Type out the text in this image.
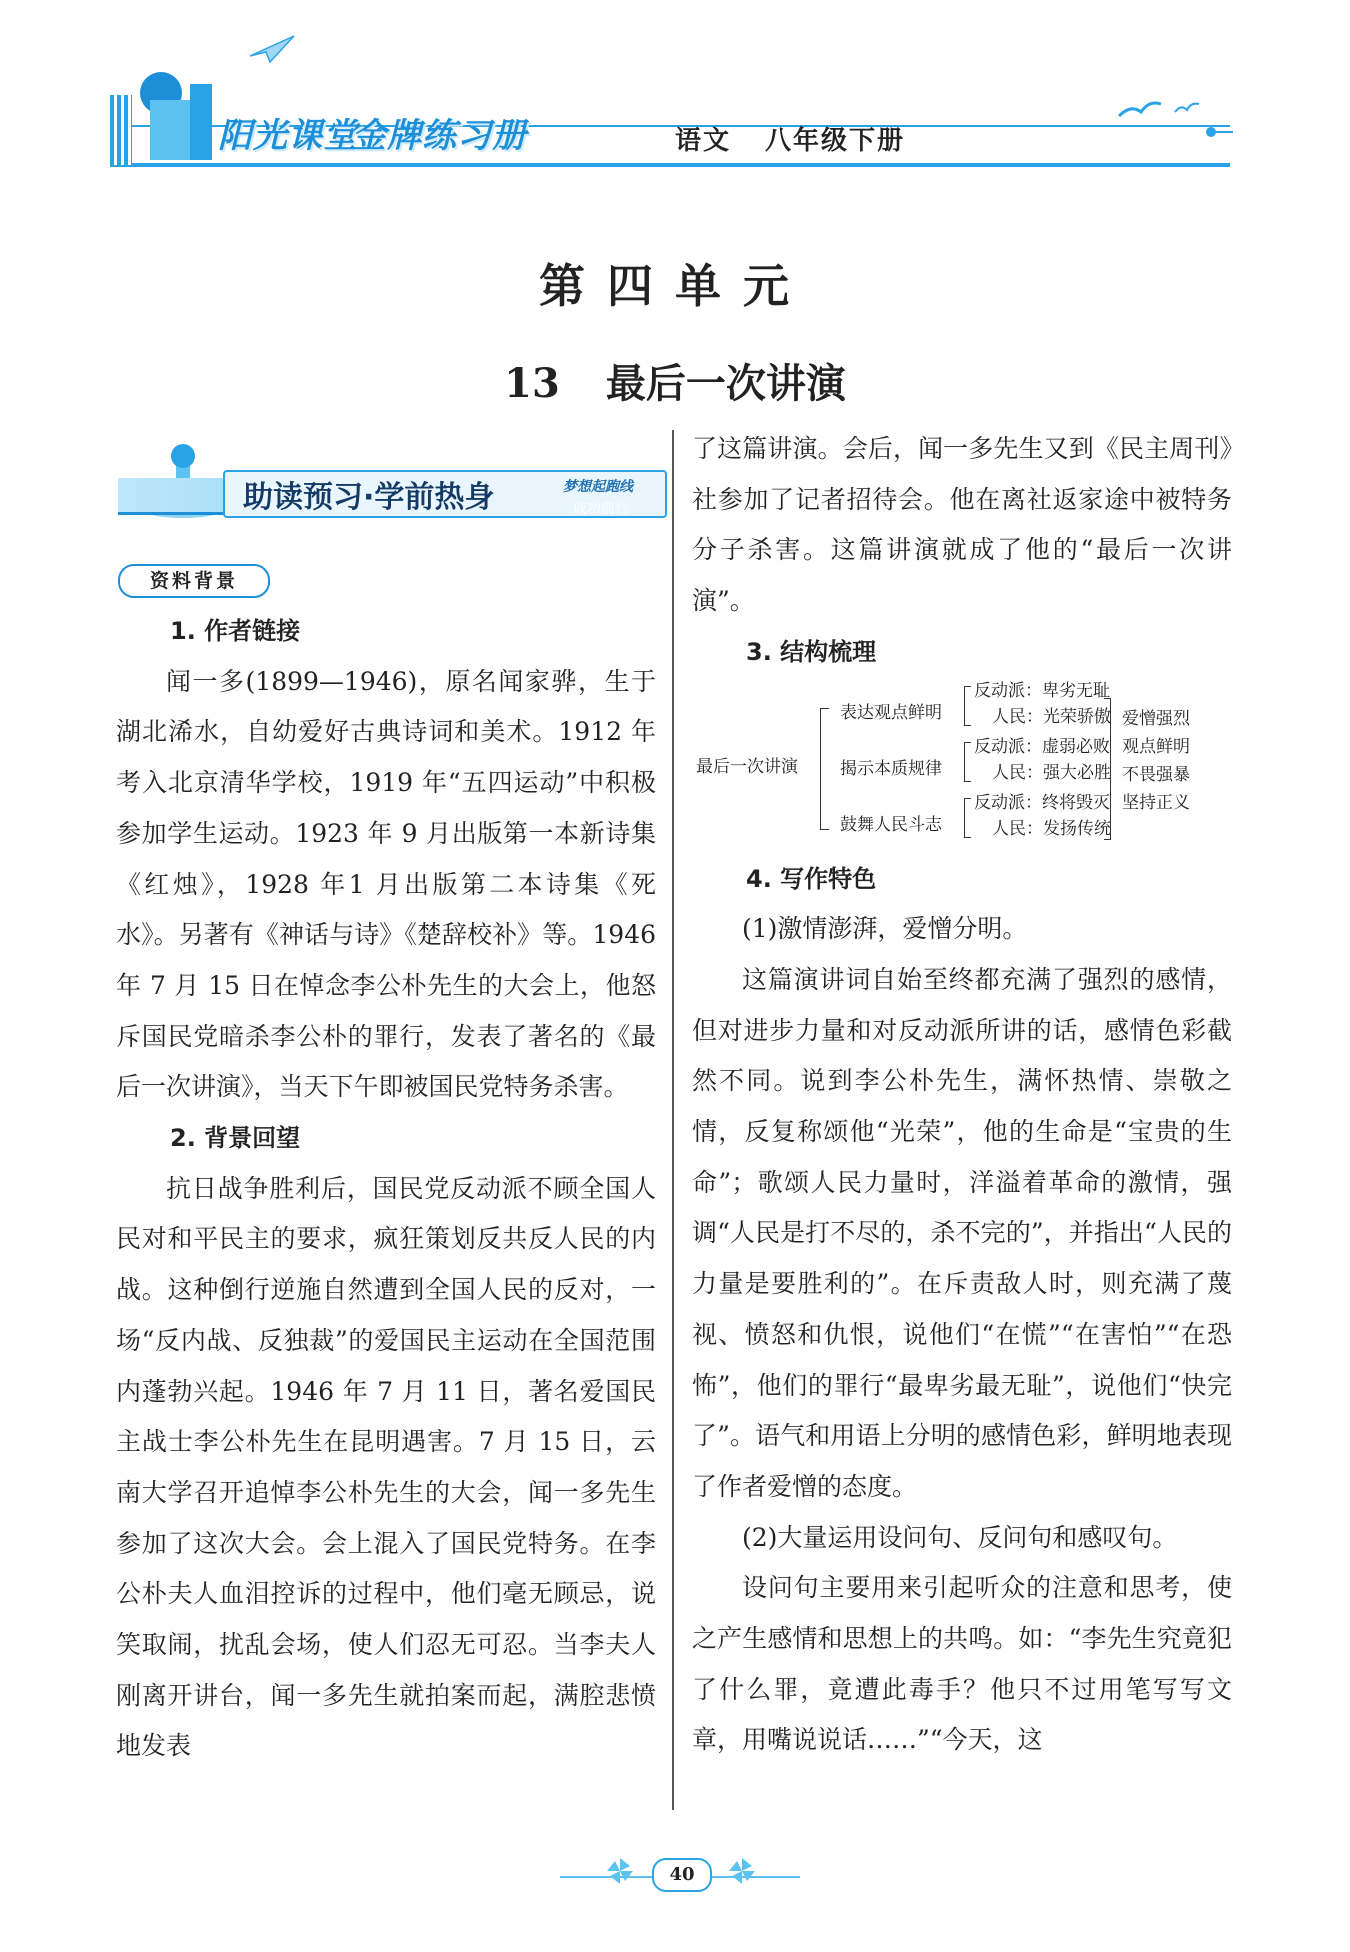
阳光课堂
金牌练习册	语文 八年级下册
第四单元
13 最后一次讲演
助读预习·学前热身	梦想起跑线
成功前行
资料背景

1. 作者链接

闻一多(1899—1946)，原名闻家骅，生于湖北浠水，自幼爱好古典诗词和美术。1912 年考入北京清华学校，1919 年“五四运动”中积极参加学生运动。1923 年 9 月出版第一本新诗集《红烛》，1928 年1 月出版第二本诗集《死水》。另著有《神话与诗》《楚辞校补》等。1946 年 7 月 15 日在悼念李公朴先生的大会上，他怒斥国民党暗杀李公朴的罪行，发表了著名的《最后一次讲演》，当天下午即被国民党特务杀害。

2. 背景回望

抗日战争胜利后，国民党反动派不顾全国人民对和平民主的要求，疯狂策划反共反人民的内战。这种倒行逆施自然遭到全国人民的反对，一场“反内战、反独裁”的爱国民主运动在全国范围内蓬勃兴起。1946 年 7 月 11 日，著名爱国民主战士李公朴先生在昆明遇害。7 月 15 日，云南大学召开追悼李公朴先生的大会，闻一多先生参加了这次大会。会上混入了国民党特务。在李公朴夫人血泪控诉的过程中，他们毫无顾忌，说笑取闹，扰乱会场，使人们忍无可忍。当李夫人刚离开讲台，闻一多先生就拍案而起，满腔悲愤地发表

了这篇讲演。会后，闻一多先生又到《民主周刊》社参加了记者招待会。他在离社返家途中被特务分子杀害。这篇讲演就成了他的“最后一次讲演”。

3. 结构梳理

最后一次讲演
表达观点鲜明
揭示本质规律
鼓舞人民斗志
反动派：卑劣无耻
人民：光荣骄傲
反动派：虚弱必败
人民：强大必胜
反动派：终将毁灭
人民：发扬传统
爱憎强烈
观点鲜明
不畏强暴
坚持正义

4. 写作特色

(1)激情澎湃，爱憎分明。

这篇演讲词自始至终都充满了强烈的感情，但对进步力量和对反动派所讲的话，感情色彩截然不同。说到李公朴先生，满怀热情、崇敬之情，反复称颂他“光荣”，他的生命是“宝贵的生命”；歌颂人民力量时，洋溢着革命的激情，强调“人民是打不尽的，杀不完的”，并指出“人民的力量是要胜利的”。在斥责敌人时，则充满了蔑视、愤怒和仇恨，说他们“在慌”“在害怕”“在恐怖”，他们的罪行“最卑劣最无耻”，说他们“快完了”。语气和用语上分明的感情色彩，鲜明地表现了作者爱憎的态度。

(2)大量运用设问句、反问句和感叹句。

设问句主要用来引起听众的注意和思考，使之产生感情和思想上的共鸣。如：“李先生究竟犯了什么罪，竟遭此毒手？他只不过用笔写写文章，用嘴说说话……”“今天，这

40
